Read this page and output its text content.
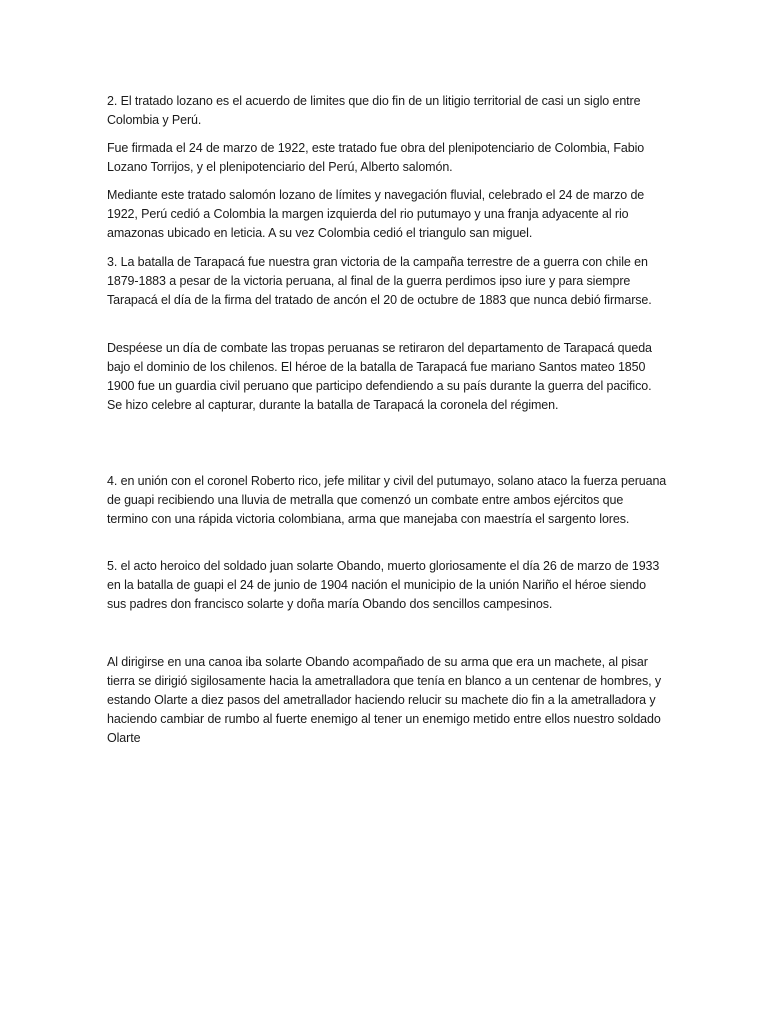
2. El tratado lozano es el acuerdo de limites que dio fin de un litigio territorial de casi un siglo entre Colombia y Perú.

Fue firmada el 24 de marzo de 1922, este tratado fue obra del plenipotenciario de Colombia, Fabio Lozano Torrijos, y el plenipotenciario del Perú, Alberto salomón.

Mediante este tratado salomón lozano de límites y navegación fluvial, celebrado el 24 de marzo de 1922, Perú cedió a Colombia la margen izquierda del rio putumayo y una franja adyacente al rio amazonas ubicado en leticia. A su vez Colombia cedió el triangulo san miguel.

3. La batalla de Tarapacá fue nuestra gran victoria de la campaña terrestre de a guerra con chile en 1879-1883 a pesar de la victoria peruana, al final de la guerra perdimos ipso iure y para siempre Tarapacá el día de la firma del tratado de ancón el 20 de octubre de 1883 que nunca debió firmarse.

Despéese un día de combate las tropas peruanas se retiraron del departamento de Tarapacá queda bajo el dominio de los chilenos. El héroe de la batalla de Tarapacá fue mariano Santos mateo 1850 1900 fue un guardia civil peruano que participo defendiendo a su país durante la guerra del pacifico. Se hizo celebre al capturar, durante la batalla de Tarapacá la coronela del régimen.

4. en unión con el coronel Roberto rico, jefe militar y civil del putumayo, solano ataco la fuerza peruana de guapi recibiendo una lluvia de metralla que comenzó un combate entre ambos ejércitos que termino con una rápida victoria colombiana, arma que manejaba con maestría el sargento lores.

5. el acto heroico del soldado juan solarte Obando, muerto gloriosamente el día 26 de marzo de 1933 en la batalla de guapi el 24 de junio de 1904 nación el municipio de la unión Nariño el héroe siendo sus padres don francisco solarte y doña maría Obando dos sencillos campesinos.

Al dirigirse en una canoa iba solarte Obando acompañado de su arma que era un machete, al pisar tierra se dirigió sigilosamente hacia la ametralladora que tenía en blanco a un centenar de hombres, y estando Olarte a diez pasos del ametrallador haciendo relucir su machete dio fin a la ametralladora y haciendo cambiar de rumbo al fuerte enemigo al tener un enemigo metido entre ellos nuestro soldado Olarte
